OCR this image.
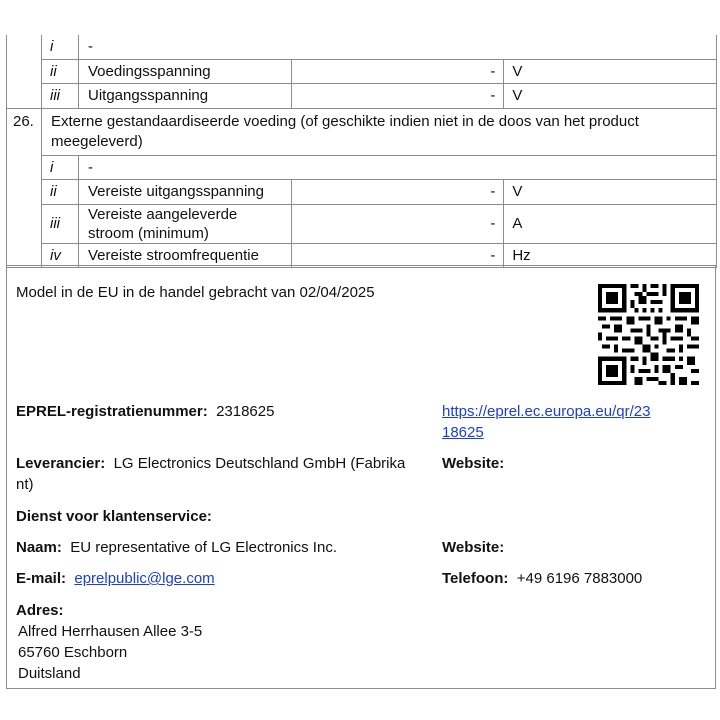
	i	-		
	ii	Voedingsspanning	-	V
	iii	Uitgangsspanning	-	V
26.	Externe gestandaardiseerde voeding (of geschikte indien niet in de doos van het product
meegeleverd)			
	i	-		
	ii	Vereiste uitgangsspanning	-	V
	iii	Vereiste aangeleverde stroom (minimum)	-	A
	iv	Vereiste stroomfrequentie	-	Hz
Model in de EU in de handel gebracht van 02/04/2025
EPREL-registratienummer: 2318625	https://eprel.ec.europa.eu/qr/23
18625
Leverancier: LG Electronics Deutschland GmbH (Fabrika
nt)
Website:
Dienst voor klantenservice:
Naam: EU representative of LG Electronics Inc.	Website:
E-mail: eprelpublic@lge.com	Telefoon: +49 6196 7883000
Adres:
Alfred Herrhausen Allee 3-5
65760 Eschborn
Duitsland
